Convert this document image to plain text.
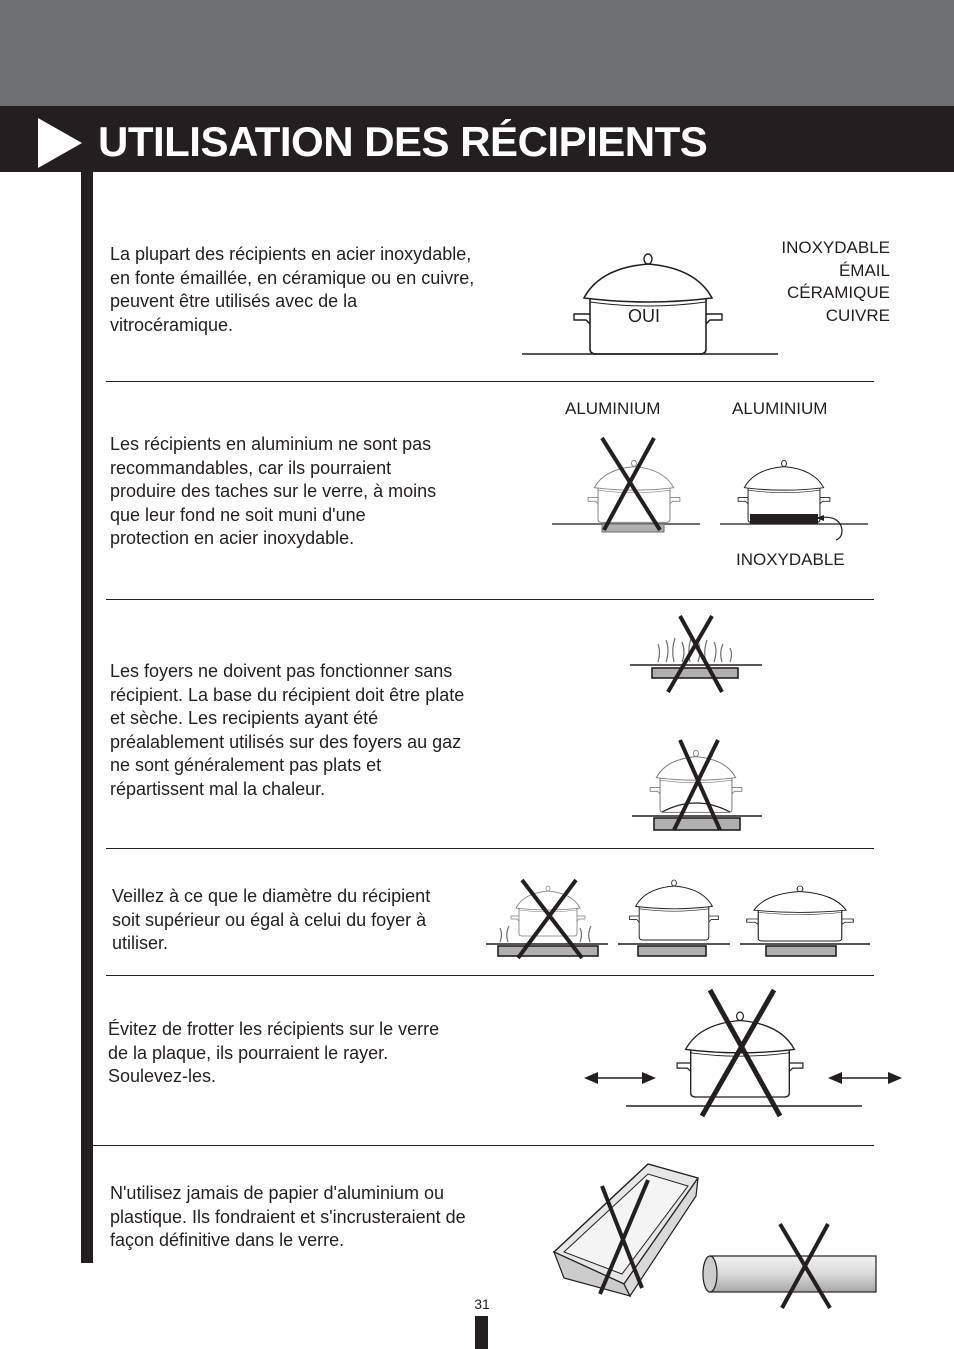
UTILISATION DES RÉCIPIENTS
La plupart des récipients en acier inoxydable,
en fonte émaillée, en céramique ou en cuivre,
peuvent être utilisés avec de la
vitrocéramique.	OUI
INOXYDABLE
ÉMAIL
CÉRAMIQUE
CUIVRE
Les récipients en aluminium ne sont pas
recommandables, car ils pourraient
produire des taches sur le verre, à moins
que leur fond ne soit muni d'une
protection en acier inoxydable.
ALUMINIUM	ALUMINIUM
INOXYDABLE
Les foyers ne doivent pas fonctionner sans
récipient. La base du récipient doit être plate
et sèche. Les recipients ayant été
préalablement utilisés sur des foyers au gaz
ne sont généralement pas plats et
répartissent mal la chaleur.
Veillez à ce que le diamètre du récipient
soit supérieur ou égal à celui du foyer à
utiliser.
Évitez de frotter les récipients sur le verre
de la plaque, ils pourraient le rayer.
Soulevez-les.
N'utilisez jamais de papier d'aluminium ou
plastique. Ils fondraient et s'incrusteraient de
façon définitive dans le verre.
31
